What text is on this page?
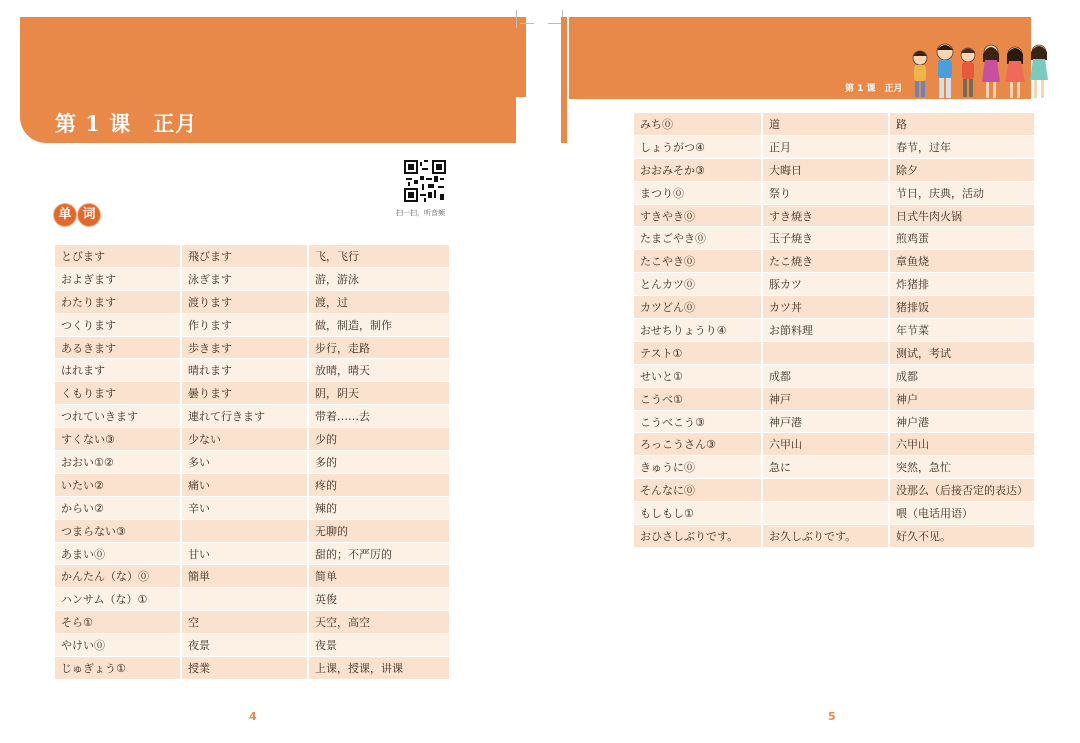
第 1 课　正月
第 1 课　正月
扫一扫，听音频
单 词
とびます	飛びます	飞，飞行
およぎます	泳ぎます	游，游泳
わたります	渡ります	渡，过
つくります	作ります	做，制造，制作
あるきます	歩きます	步行，走路
はれます	晴れます	放晴，晴天
くもります	曇ります	阴，阴天
つれていきます	連れて行きます	带着……去
すくない③	少ない	少的
おおい①②	多い	多的
いたい②	痛い	疼的
からい②	辛い	辣的
つまらない③		无聊的
あまい⓪	甘い	甜的；不严厉的
かんたん（な）⓪	簡単	简单
ハンサム（な）①		英俊
そら①	空	天空，高空
やけい⓪	夜景	夜景
じゅぎょう①	授業	上课，授课，讲课
みち⓪	道	路
しょうがつ④	正月	春节，过年
おおみそか③	大晦日	除夕
まつり⓪	祭り	节日，庆典，活动
すきやき⓪	すき焼き	日式牛肉火锅
たまごやき⓪	玉子焼き	煎鸡蛋
たこやき⓪	たこ焼き	章鱼烧
とんカツ⓪	豚カツ	炸猪排
カツどん⓪	カツ丼	猪排饭
おせちりょうり④	お節料理	年节菜
テスト①		测试，考试
せいと①	成都	成都
こうべ①	神戸	神户
こうべこう③	神戸港	神户港
ろっこうさん③	六甲山	六甲山
きゅうに⓪	急に	突然，急忙
そんなに⓪		没那么（后接否定的表达）
もしもし①		喂（电话用语）
おひさしぶりです。	お久しぶりです。	好久不见。
4	5
